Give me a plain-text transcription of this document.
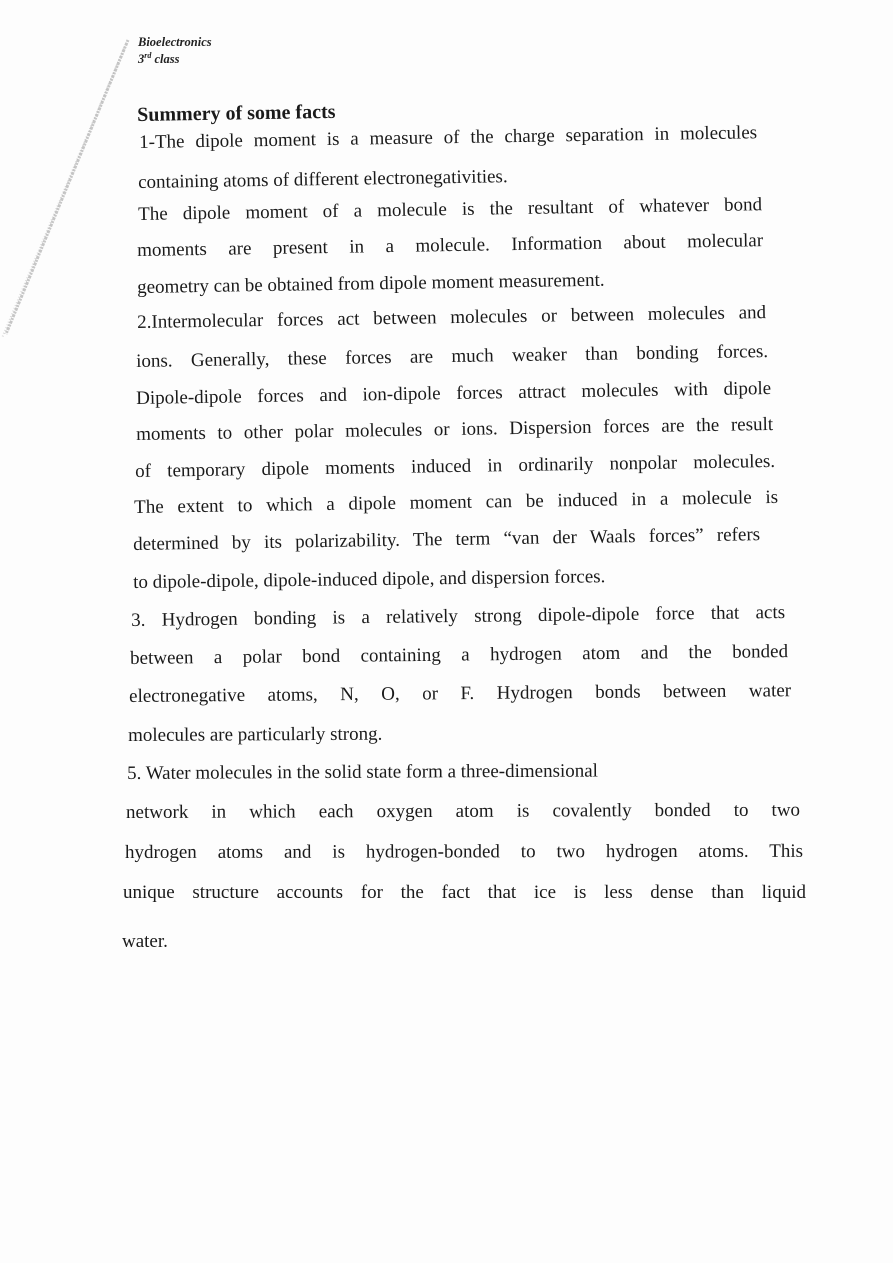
Bioelectronics
3rd class
Summery of some facts
1-The dipole moment is a measure of the charge separation in molecules
containing atoms of different electronegativities.
The dipole moment of a molecule is the resultant of whatever bond
moments are present in a molecule. Information about molecular
geometry can be obtained from dipole moment measurement.
2.Intermolecular forces act between molecules or between molecules and
ions. Generally, these forces are much weaker than bonding forces.
Dipole-dipole forces and ion-dipole forces attract molecules with dipole
moments to other polar molecules or ions. Dispersion forces are the result
of temporary dipole moments induced in ordinarily nonpolar molecules.
The extent to which a dipole moment can be induced in a molecule is
determined by its polarizability. The term “van der Waals forces” refers
to dipole-dipole, dipole-induced dipole, and dispersion forces.
3. Hydrogen bonding is a relatively strong dipole-dipole force that acts
between a polar bond containing a hydrogen atom and the bonded
electronegative atoms, N, O, or F. Hydrogen bonds between water
molecules are particularly strong.
5. Water molecules in the solid state form a three-dimensional
network in which each oxygen atom is covalently bonded to two
hydrogen atoms and is hydrogen-bonded to two hydrogen atoms. This
unique structure accounts for the fact that ice is less dense than liquid
water.
